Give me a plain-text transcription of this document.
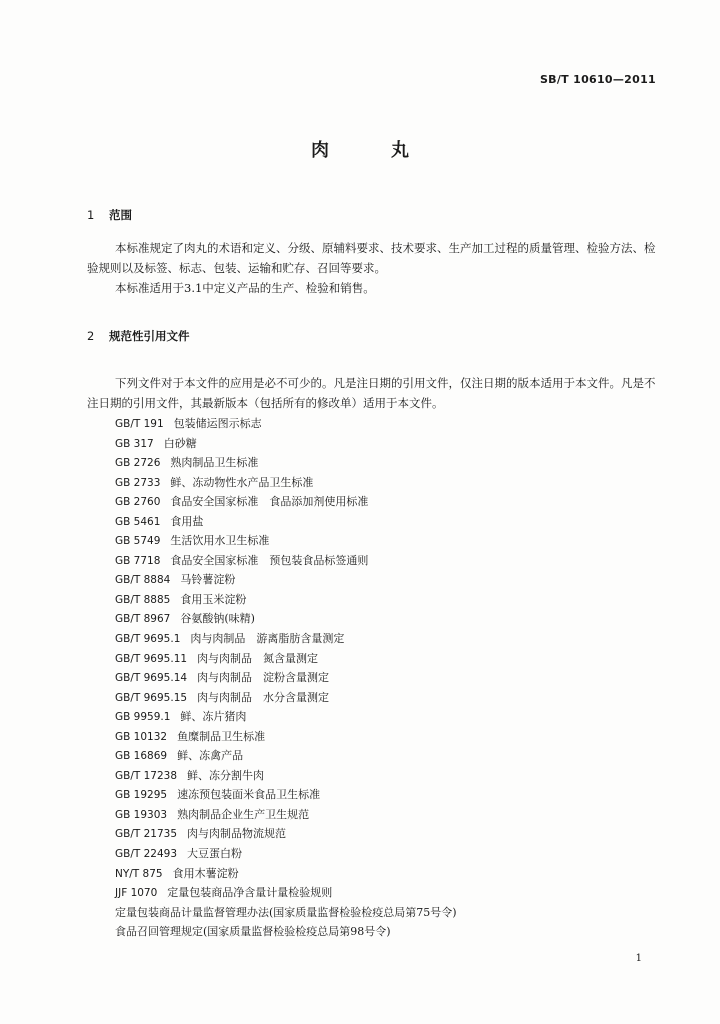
SB/T 10610—2011
肉	丸
1 范围

本标准规定了肉丸的术语和定义、分级、原辅料要求、技术要求、生产加工过程的质量管理、检验方法、检验规则以及标签、标志、包装、运输和贮存、召回等要求。

本标准适用于3.1中定义产品的生产、检验和销售。

2 规范性引用文件

下列文件对于本文件的应用是必不可少的。凡是注日期的引用文件，仅注日期的版本适用于本文件。凡是不注日期的引用文件，其最新版本（包括所有的修改单）适用于本文件。

GB/T 191 包装储运图示标志
GB 317 白砂糖
GB 2726 熟肉制品卫生标准
GB 2733 鲜、冻动物性水产品卫生标准
GB 2760 食品安全国家标准　食品添加剂使用标准
GB 5461 食用盐
GB 5749 生活饮用水卫生标准
GB 7718 食品安全国家标准　预包装食品标签通则
GB/T 8884 马铃薯淀粉
GB/T 8885 食用玉米淀粉
GB/T 8967 谷氨酸钠(味精)
GB/T 9695.1 肉与肉制品　游离脂肪含量测定
GB/T 9695.11 肉与肉制品　氮含量测定
GB/T 9695.14 肉与肉制品　淀粉含量测定
GB/T 9695.15 肉与肉制品　水分含量测定
GB 9959.1 鲜、冻片猪肉
GB 10132 鱼糜制品卫生标准
GB 16869 鲜、冻禽产品
GB/T 17238 鲜、冻分割牛肉
GB 19295 速冻预包装面米食品卫生标准
GB 19303 熟肉制品企业生产卫生规范
GB/T 21735 肉与肉制品物流规范
GB/T 22493 大豆蛋白粉
NY/T 875 食用木薯淀粉
JJF 1070 定量包装商品净含量计量检验规则
定量包装商品计量监督管理办法(国家质量监督检验检疫总局第75号令)
食品召回管理规定(国家质量监督检验检疫总局第98号令)
1
